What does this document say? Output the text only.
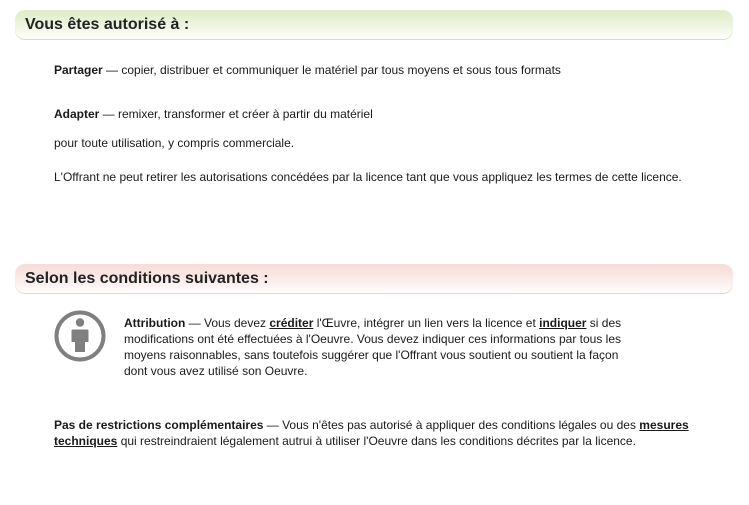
Vous êtes autorisé à :
Partager — copier, distribuer et communiquer le matériel par tous moyens et sous tous formats
Adapter — remixer, transformer et créer à partir du matériel
pour toute utilisation, y compris commerciale.
L'Offrant ne peut retirer les autorisations concédées par la licence tant que vous appliquez les termes de cette licence.
Selon les conditions suivantes :
Attribution — Vous devez créditer l'Œuvre, intégrer un lien vers la licence et indiquer si des modifications ont été effectuées à l'Oeuvre. Vous devez indiquer ces informations par tous les moyens raisonnables, sans toutefois suggérer que l'Offrant vous soutient ou soutient la façon dont vous avez utilisé son Oeuvre.
Pas de restrictions complémentaires — Vous n'êtes pas autorisé à appliquer des conditions légales ou des mesures techniques qui restreindraient légalement autrui à utiliser l'Oeuvre dans les conditions décrites par la licence.
